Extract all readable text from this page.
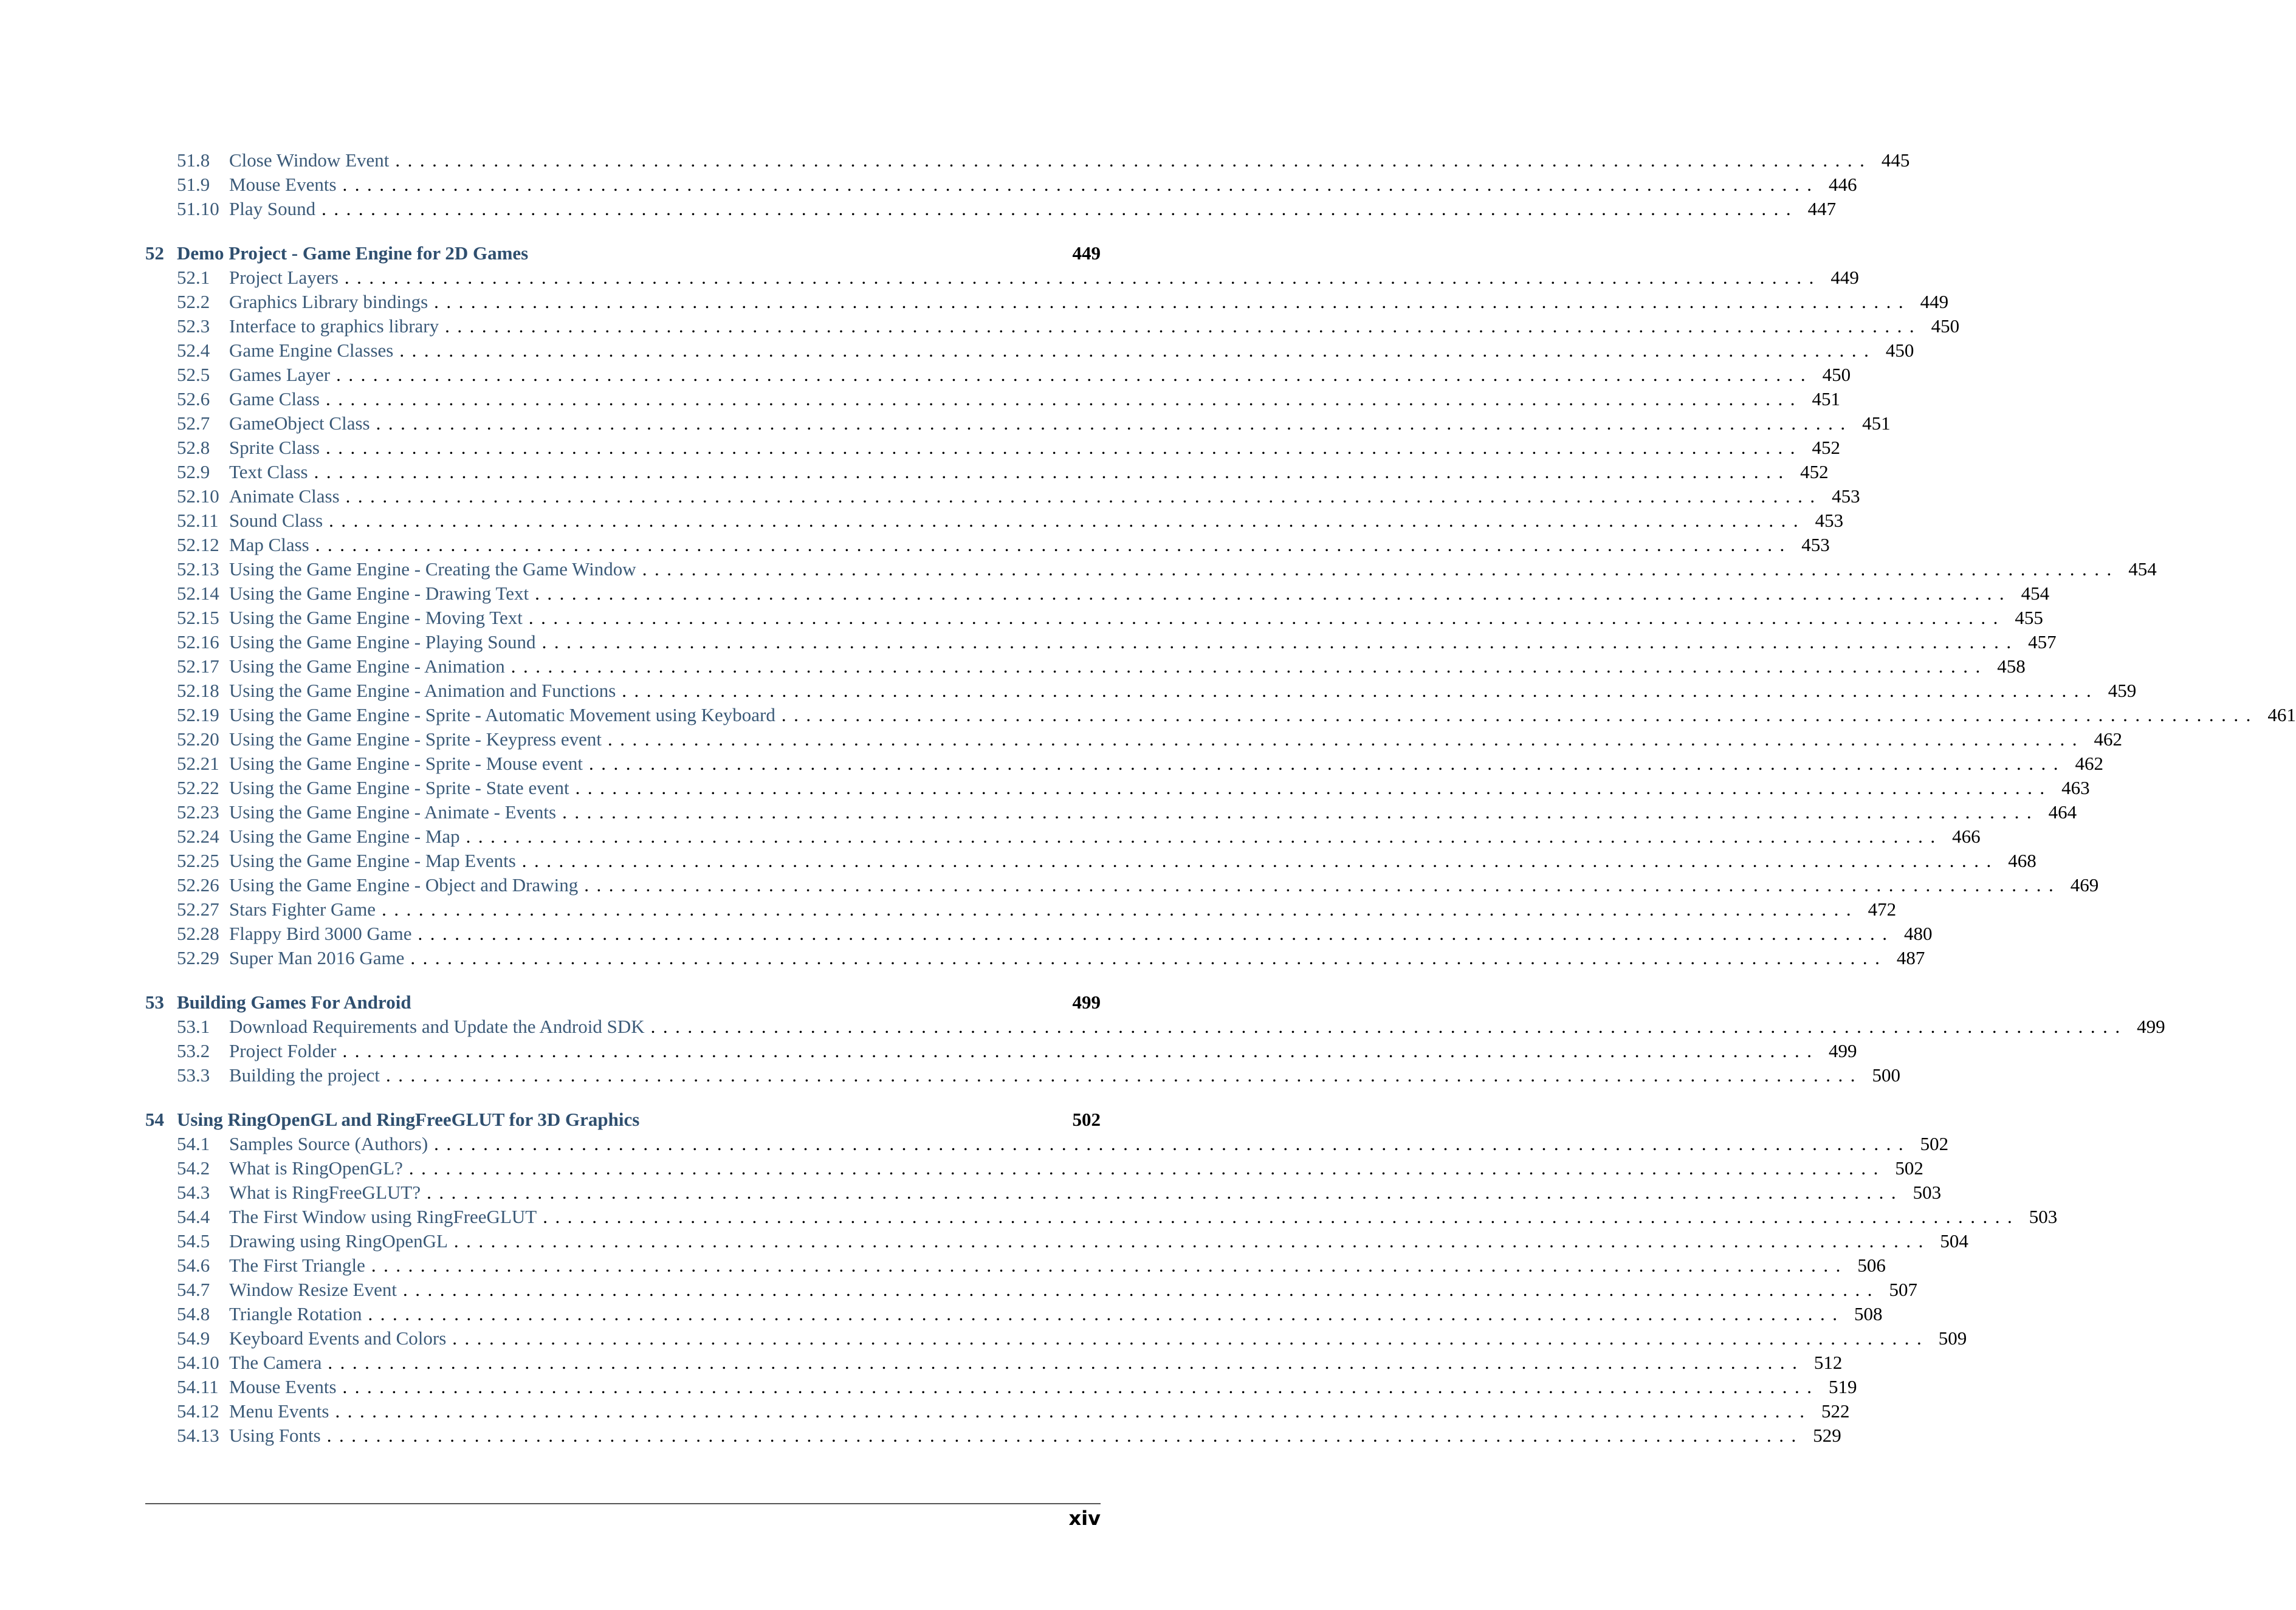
51.8	Close Window Event ........................................................................................................................ 445
51.9	Mouse Events ........................................................................................................................ 446
51.10 Play Sound ........................................................................................................................ 447
52 Demo Project - Game Engine for 2D Games	449
52.1	Project Layers ........................................................................................................................ 449
52.2	Graphics Library bindings ........................................................................................................................ 449
52.3	Interface to graphics library ........................................................................................................................ 450
52.4	Game Engine Classes ........................................................................................................................ 450
52.5	Games Layer ........................................................................................................................ 450
52.6	Game Class ........................................................................................................................ 451
52.7	GameObject Class ........................................................................................................................ 451
52.8	Sprite Class ........................................................................................................................ 452
52.9	Text Class ........................................................................................................................ 452
52.10 Animate Class ........................................................................................................................ 453
52.11 Sound Class ........................................................................................................................ 453
52.12 Map Class ........................................................................................................................ 453
52.13 Using the Game Engine - Creating the Game Window ........................................................................................................................ 454
52.14 Using the Game Engine - Drawing Text ........................................................................................................................ 454
52.15 Using the Game Engine - Moving Text ........................................................................................................................ 455
52.16 Using the Game Engine - Playing Sound ........................................................................................................................ 457
52.17 Using the Game Engine - Animation ........................................................................................................................ 458
52.18 Using the Game Engine - Animation and Functions ........................................................................................................................ 459
52.19 Using the Game Engine - Sprite - Automatic Movement using Keyboard ........................................................................................................................ 461
52.20 Using the Game Engine - Sprite - Keypress event ........................................................................................................................ 462
52.21 Using the Game Engine - Sprite - Mouse event ........................................................................................................................ 462
52.22 Using the Game Engine - Sprite - State event ........................................................................................................................ 463
52.23 Using the Game Engine - Animate - Events ........................................................................................................................ 464
52.24 Using the Game Engine - Map ........................................................................................................................ 466
52.25 Using the Game Engine - Map Events ........................................................................................................................ 468
52.26 Using the Game Engine - Object and Drawing ........................................................................................................................ 469
52.27 Stars Fighter Game ........................................................................................................................ 472
52.28 Flappy Bird 3000 Game ........................................................................................................................ 480
52.29 Super Man 2016 Game ........................................................................................................................ 487
53 Building Games For Android	499
53.1	Download Requirements and Update the Android SDK ........................................................................................................................ 499
53.2	Project Folder ........................................................................................................................ 499
53.3	Building the project ........................................................................................................................ 500
54 Using RingOpenGL and RingFreeGLUT for 3D Graphics	502
54.1	Samples Source (Authors) ........................................................................................................................ 502
54.2	What is RingOpenGL? ........................................................................................................................ 502
54.3	What is RingFreeGLUT? ........................................................................................................................ 503
54.4	The First Window using RingFreeGLUT ........................................................................................................................ 503
54.5	Drawing using RingOpenGL ........................................................................................................................ 504
54.6	The First Triangle ........................................................................................................................ 506
54.7	Window Resize Event ........................................................................................................................ 507
54.8	Triangle Rotation ........................................................................................................................ 508
54.9	Keyboard Events and Colors ........................................................................................................................ 509
54.10 The Camera ........................................................................................................................ 512
54.11 Mouse Events ........................................................................................................................ 519
54.12 Menu Events ........................................................................................................................ 522
54.13 Using Fonts ........................................................................................................................ 529
xiv
